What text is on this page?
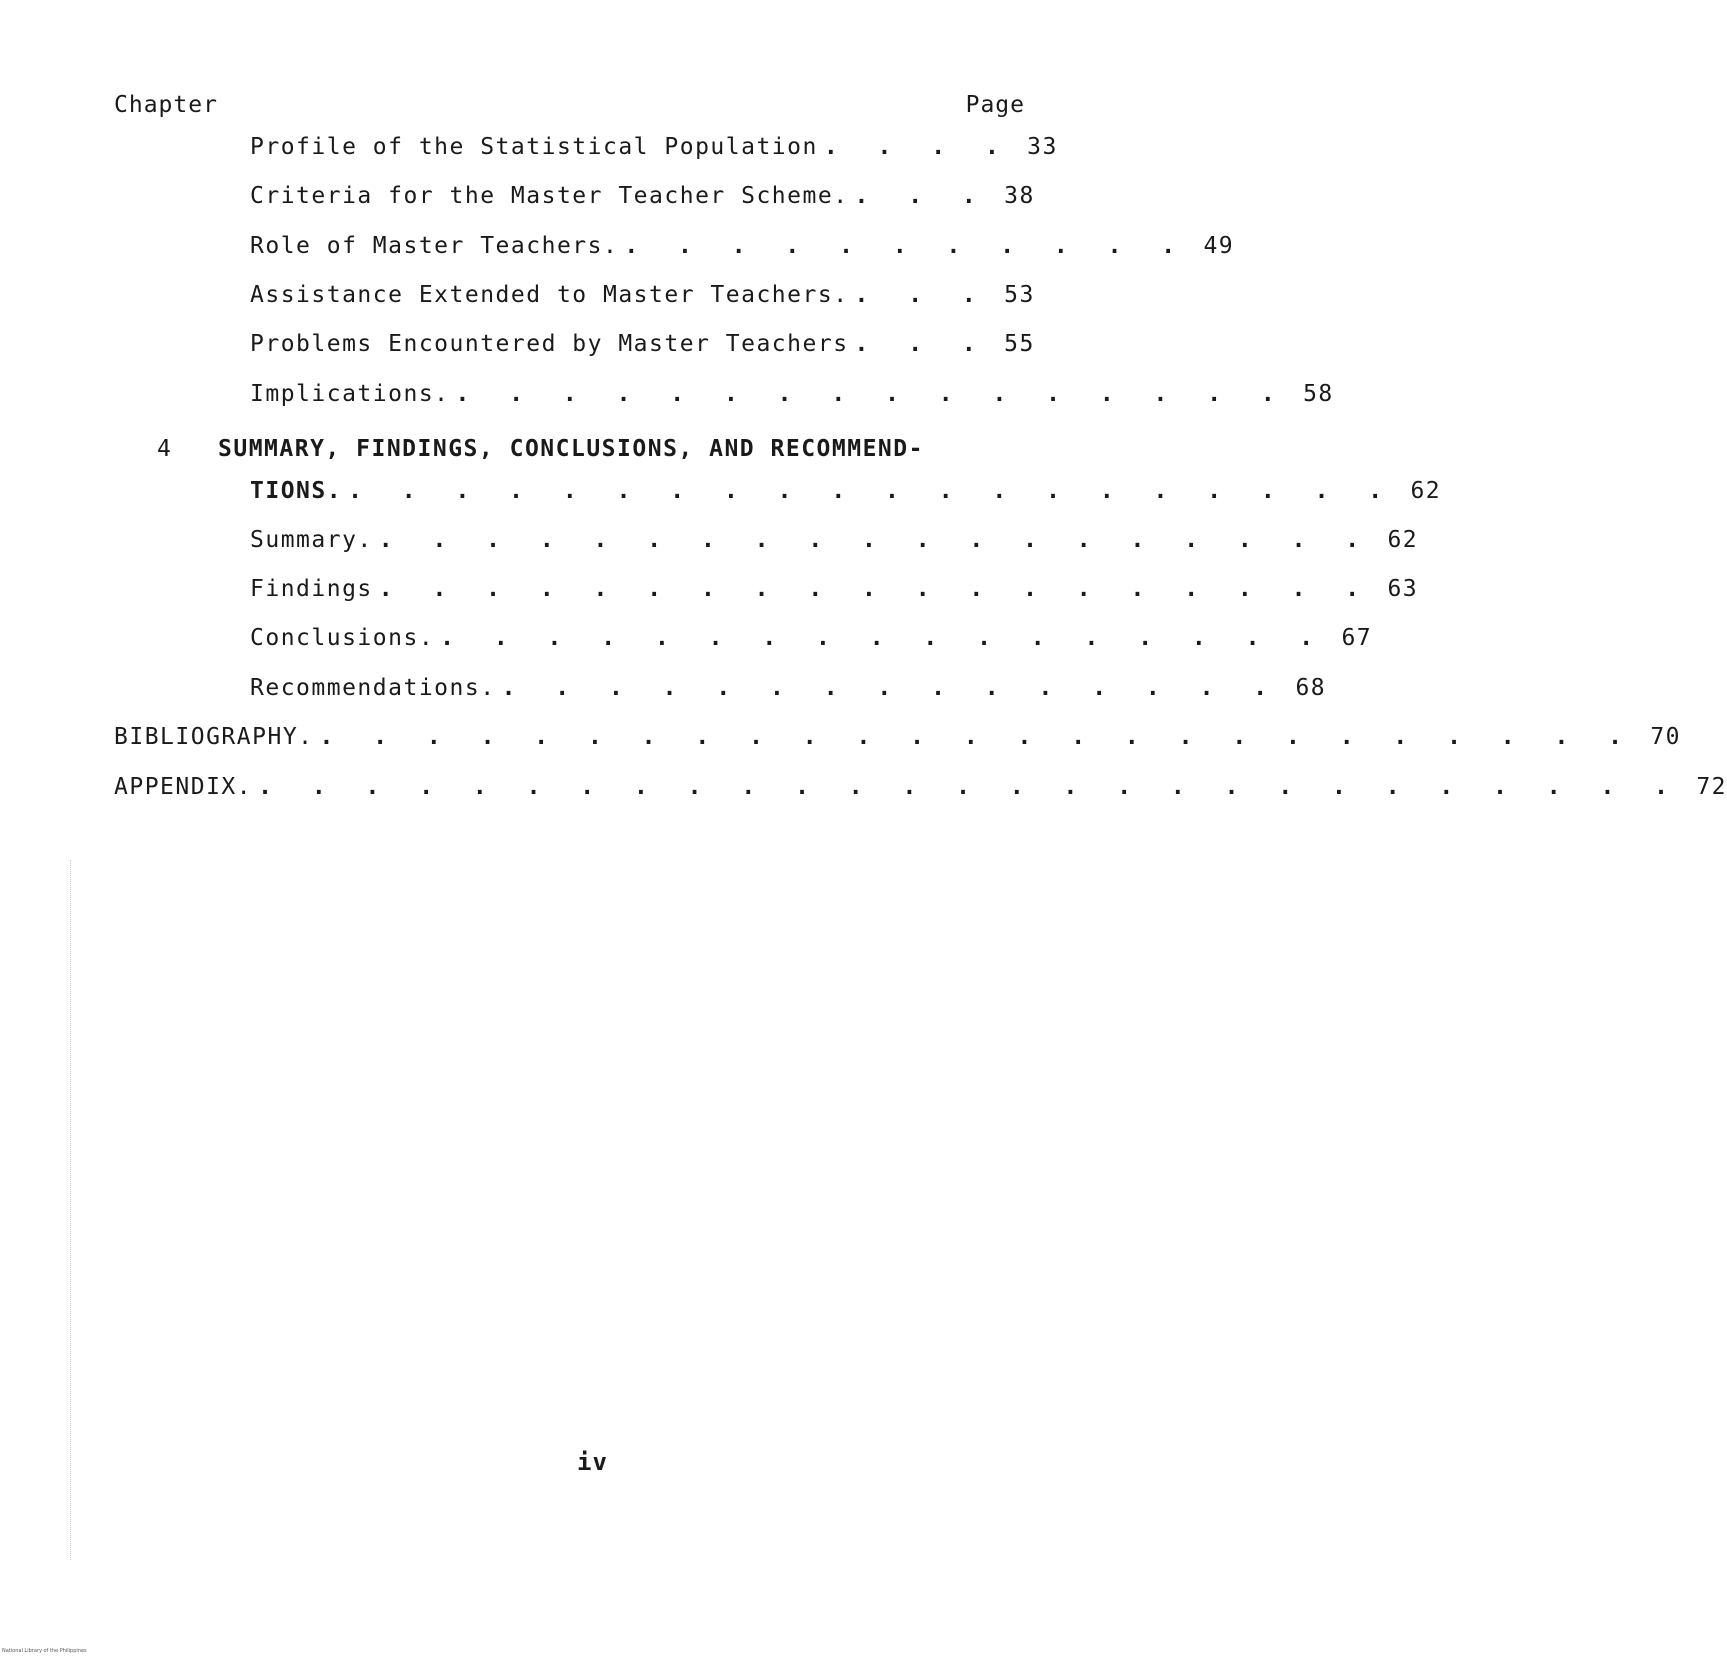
Chapter	Page
Profile of the Statistical Population . . . . 33
Criteria for the Master Teacher Scheme. . . . 38
Role of Master Teachers. . . . . . . . . . . . 49
Assistance Extended to Master Teachers. . . . 53
Problems Encountered by Master Teachers . . . 55
Implications. . . . . . . . . . . . . . . . . 58
4 SUMMARY, FINDINGS, CONCLUSIONS, AND RECOMMEND-
TIONS. . . . . . . . . . . . . . . . . . . . . 62
Summary. . . . . . . . . . . . . . . . . . . . 62
Findings . . . . . . . . . . . . . . . . . . . 63
Conclusions. . . . . . . . . . . . . . . . . . 67
Recommendations. . . . . . . . . . . . . . . . 68
BIBLIOGRAPHY. . . . . . . . . . . . . . . . . . . . . . . . . . 70
APPENDIX. . . . . . . . . . . . . . . . . . . . . . . . . . . . 72
iv
National Library of the Philippines
